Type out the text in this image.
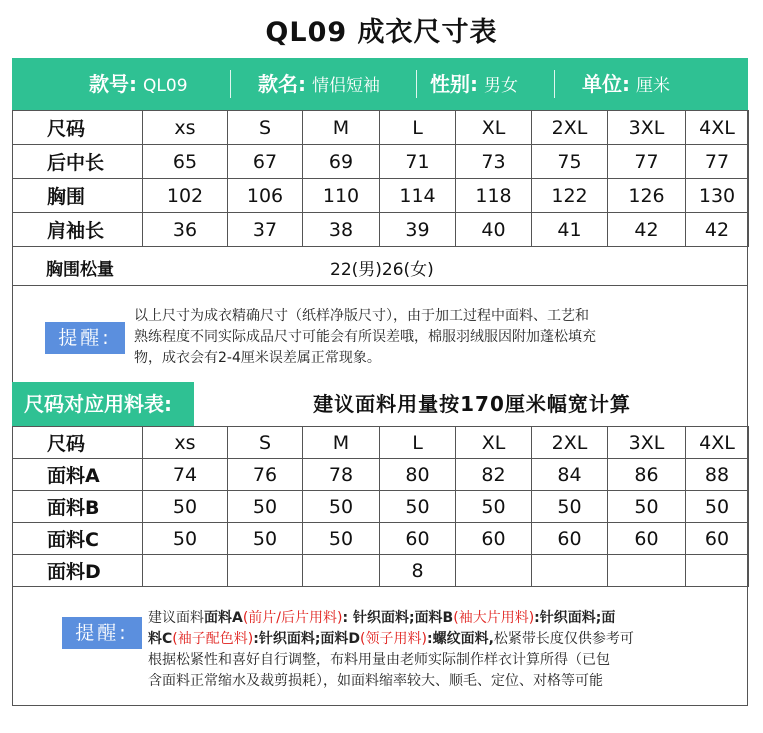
QL09 成衣尺寸表
款号: QL09	款名: 情侣短袖 性别: 男女	单位: 厘米
尺码	xs	S	M	L	XL	2XL	3XL	4XL
后中长	65	67	69	71	73	75	77	77
胸围	102	106	110	114	118	122	126	130
肩袖长	36	37	38	39	40	41	42	42
胸围松量	22(男)26(女)
提醒:
以上尺寸为成衣精确尺寸（纸样净版尺寸），由于加工过程中面料、工艺和
熟练程度不同实际成品尺寸可能会有所误差哦，棉服羽绒服因附加蓬松填充
物，成衣会有2-4厘米误差属正常现象。
尺码对应用料表:	建议面料用量按170厘米幅宽计算
尺码	xs	S	M	L	XL	2XL	3XL	4XL
面料A	74	76	78	80	82	84	86	88
面料B	50	50	50	50	50	50	50	50
面料C	50	50	50	60	60	60	60	60
面料D				8				
提醒:
建议面料面料A(前片/后片用料): 针织面料;面料B(袖大片用料):针织面料;面
料C(袖子配色料):针织面料;面料D(领子用料):螺纹面料,松紧带长度仅供参考可
根据松紧性和喜好自行调整，布料用量由老师实际制作样衣计算所得（已包
含面料正常缩水及裁剪损耗），如面料缩率较大、顺毛、定位、对格等可能
